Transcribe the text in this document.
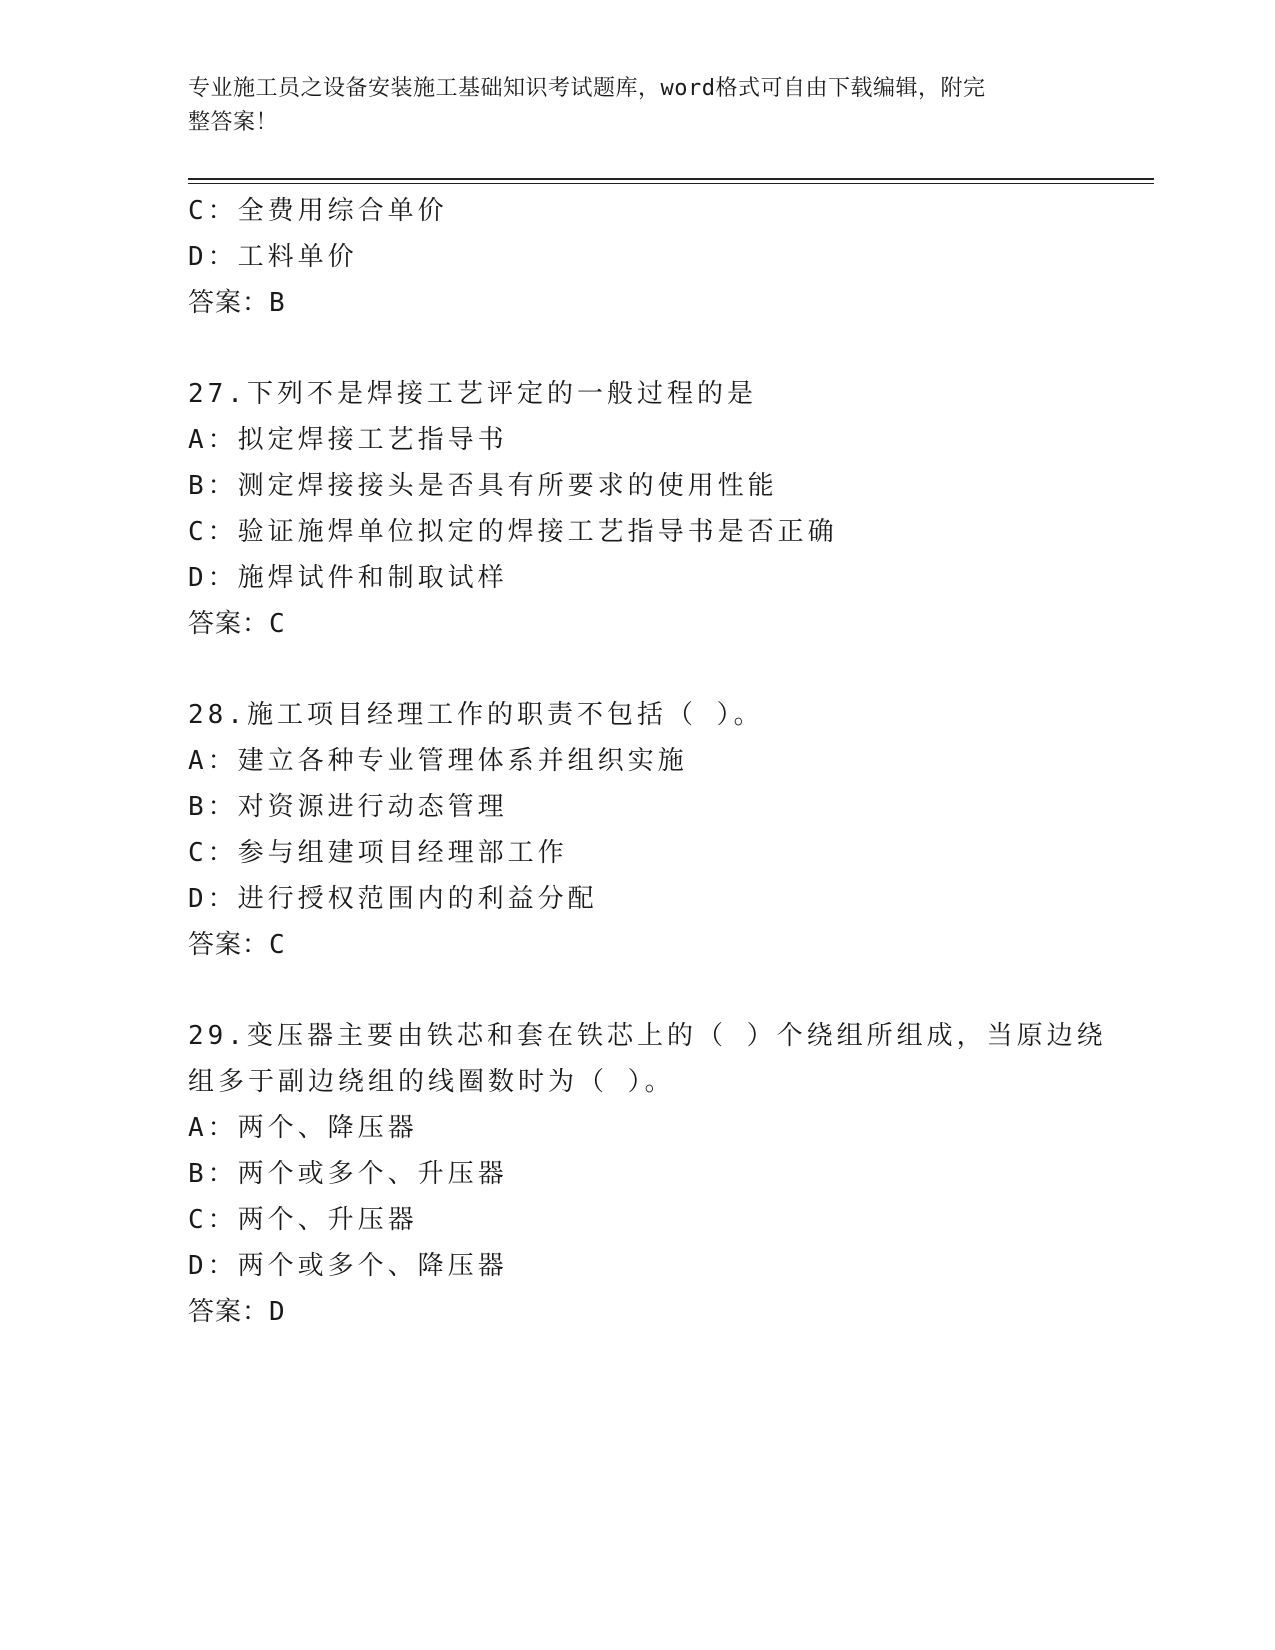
专业施工员之设备安装施工基础知识考试题库，word格式可自由下载编辑，附完
整答案！
C：全费用综合单价
D：工料单价
答案：B
27.下列不是焊接工艺评定的一般过程的是
A：拟定焊接工艺指导书
B：测定焊接接头是否具有所要求的使用性能
C：验证施焊单位拟定的焊接工艺指导书是否正确
D：施焊试件和制取试样
答案：C
28.施工项目经理工作的职责不包括（ ）。
A：建立各种专业管理体系并组织实施
B：对资源进行动态管理
C：参与组建项目经理部工作
D：进行授权范围内的利益分配
答案：C
29.变压器主要由铁芯和套在铁芯上的（ ）个绕组所组成，当原边绕
组多于副边绕组的线圈数时为（ ）。
A：两个、降压器
B：两个或多个、升压器
C：两个、升压器
D：两个或多个、降压器
答案：D
